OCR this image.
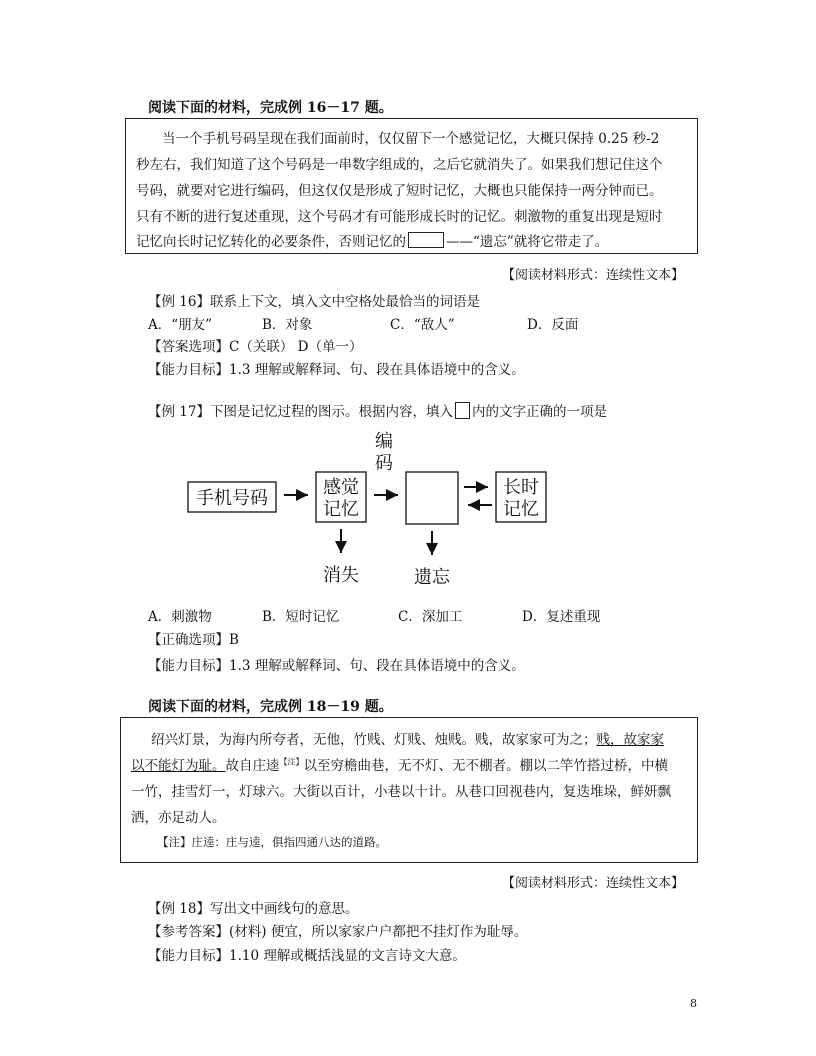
阅读下面的材料，完成例 16－17 题。
当一个手机号码呈现在我们面前时，仅仅留下一个感觉记忆，大概只保持 0.25 秒-2
秒左右，我们知道了这个号码是一串数字组成的，之后它就消失了。如果我们想记住这个
号码，就要对它进行编码，但这仅仅是形成了短时记忆，大概也只能保持一两分钟而已。
只有不断的进行复述重现，这个号码才有可能形成长时的记忆。刺激物的重复出现是短时
记忆向长时记忆转化的必要条件，否则记忆的	——“遗忘”就将它带走了。
【阅读材料形式：连续性文本】
【例 16】联系上下文，填入文中空格处最恰当的词语是
A．“朋友”	B．对象	C．“敌人”	D．反面
【答案选项】C（关联） D（单一）
【能力目标】1.3 理解或解释词、句、段在具体语境中的含义。
【例 17】下图是记忆过程的图示。根据内容，填入 内的文字正确的一项是
手机号码
感觉
记忆
编
码
长时
记忆
消失	遗忘
A．刺激物	B．短时记忆	C．深加工	D．复述重现
【正确选项】B
【能力目标】1.3 理解或解释词、句、段在具体语境中的含义。
阅读下面的材料，完成例 18－19 题。
绍兴灯景，为海内所夸者，无他，竹贱、灯贱、烛贱。贱，故家家可为之；贱，故家家
以不能灯为耻。故自庄逵$^{【注】}$以至穷檐曲巷，无不灯、无不棚者。棚以二竿竹搭过桥，中横
一竹，挂雪灯一，灯球六。大街以百计，小巷以十计。从巷口回视巷内，复迭堆垛，鲜妍飘
洒，亦足动人。
【注】庄逵：庄与逵，俱指四通八达的道路。
【阅读材料形式：连续性文本】
【例 18】写出文中画线句的意思。
【参考答案】(材料) 便宜，所以家家户户都把不挂灯作为耻辱。
【能力目标】1.10 理解或概括浅显的文言诗文大意。
8
